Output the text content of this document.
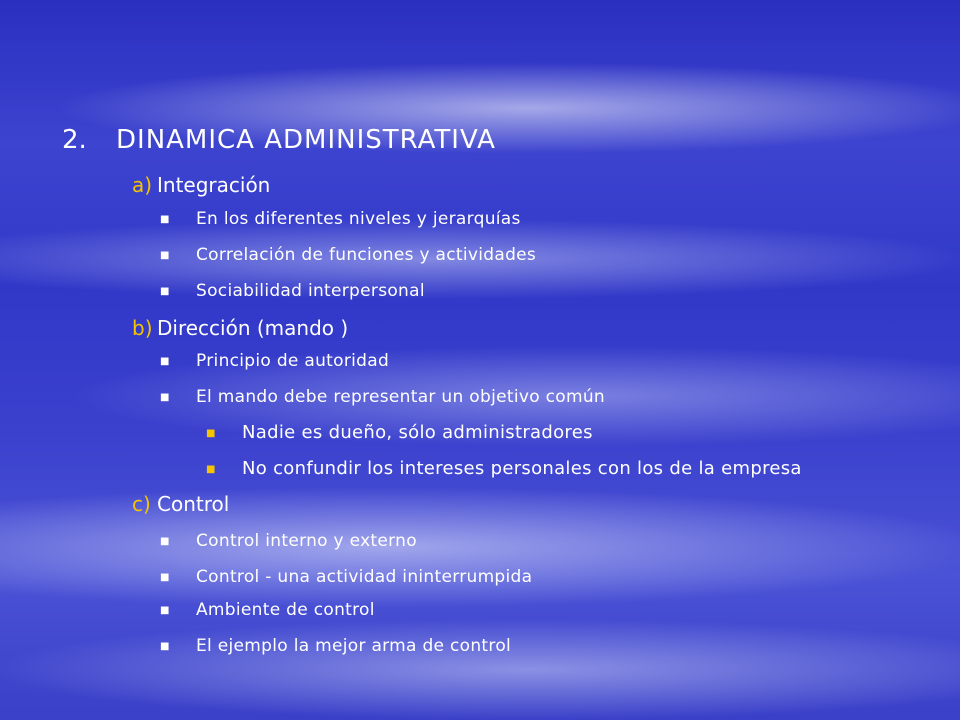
2. DINAMICA ADMINISTRATIVA
a) Integración
■ En los diferentes niveles y jerarquías
■ Correlación de funciones y actividades
■ Sociabilidad interpersonal
b) Dirección (mando )
■ Principio de autoridad
■ El mando debe representar un objetivo común
■ Nadie es dueño, sólo administradores
■ No confundir los intereses personales con los de la empresa
c) Control
■ Control interno y externo
■ Control - una actividad ininterrumpida
■ Ambiente de control
■ El ejemplo la mejor arma de control
